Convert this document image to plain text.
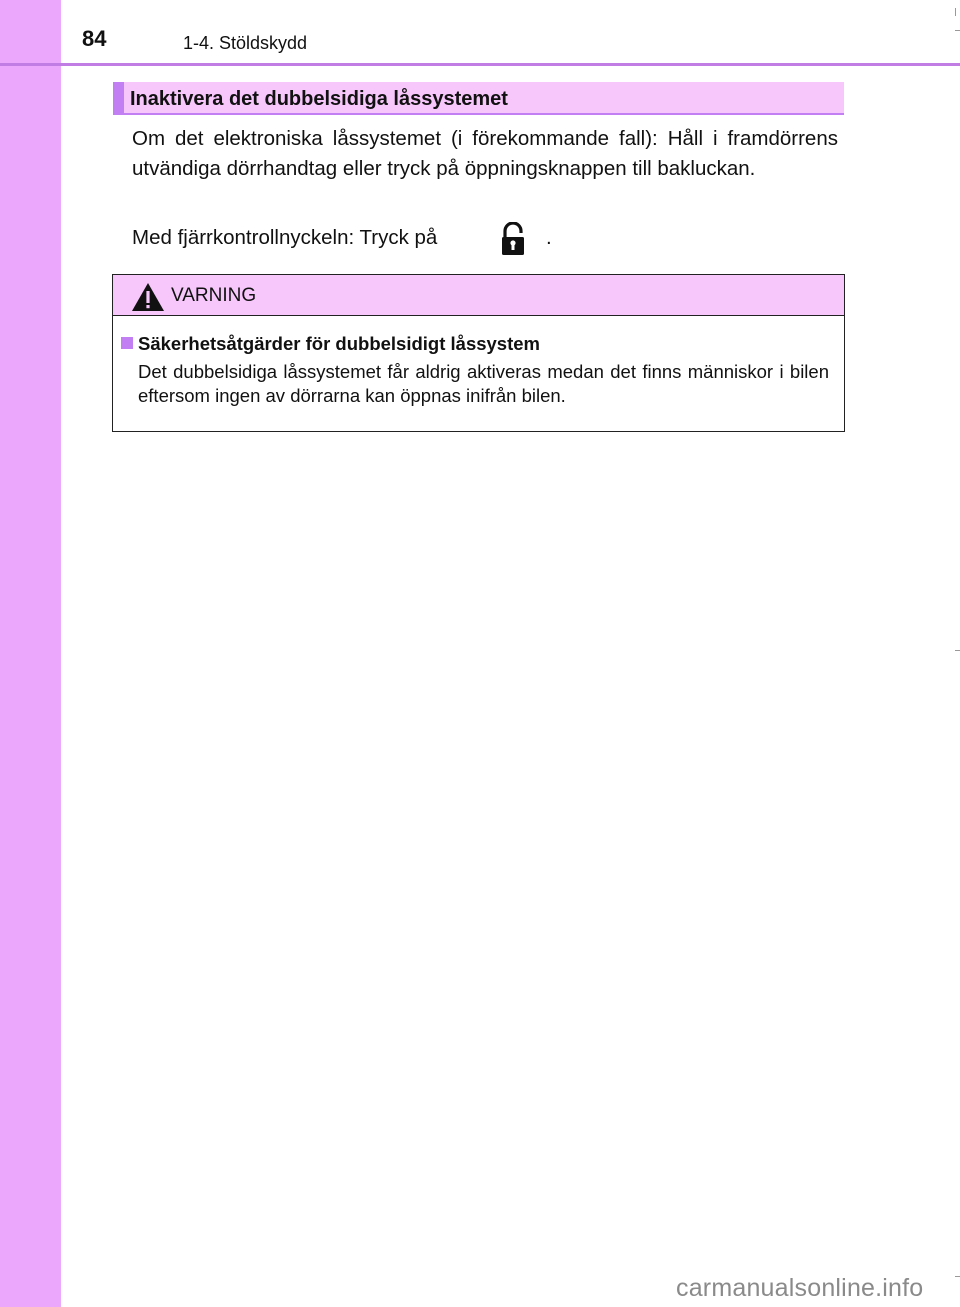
84	1-4. Stöldskydd
Inaktivera det dubbelsidiga låssystemet

Om det elektroniska låssystemet (i förekommande fall): Håll i framdörrens utvändiga dörrhandtag eller tryck på öppningsknappen till bakluckan.

Med fjärrkontrollnyckeln: Tryck på	.
VARNING
Säkerhetsåtgärder för dubbelsidigt låssystem

Det dubbelsidiga låssystemet får aldrig aktiveras medan det finns människor i bilen eftersom ingen av dörrarna kan öppnas inifrån bilen.

carmanualsonline.info
